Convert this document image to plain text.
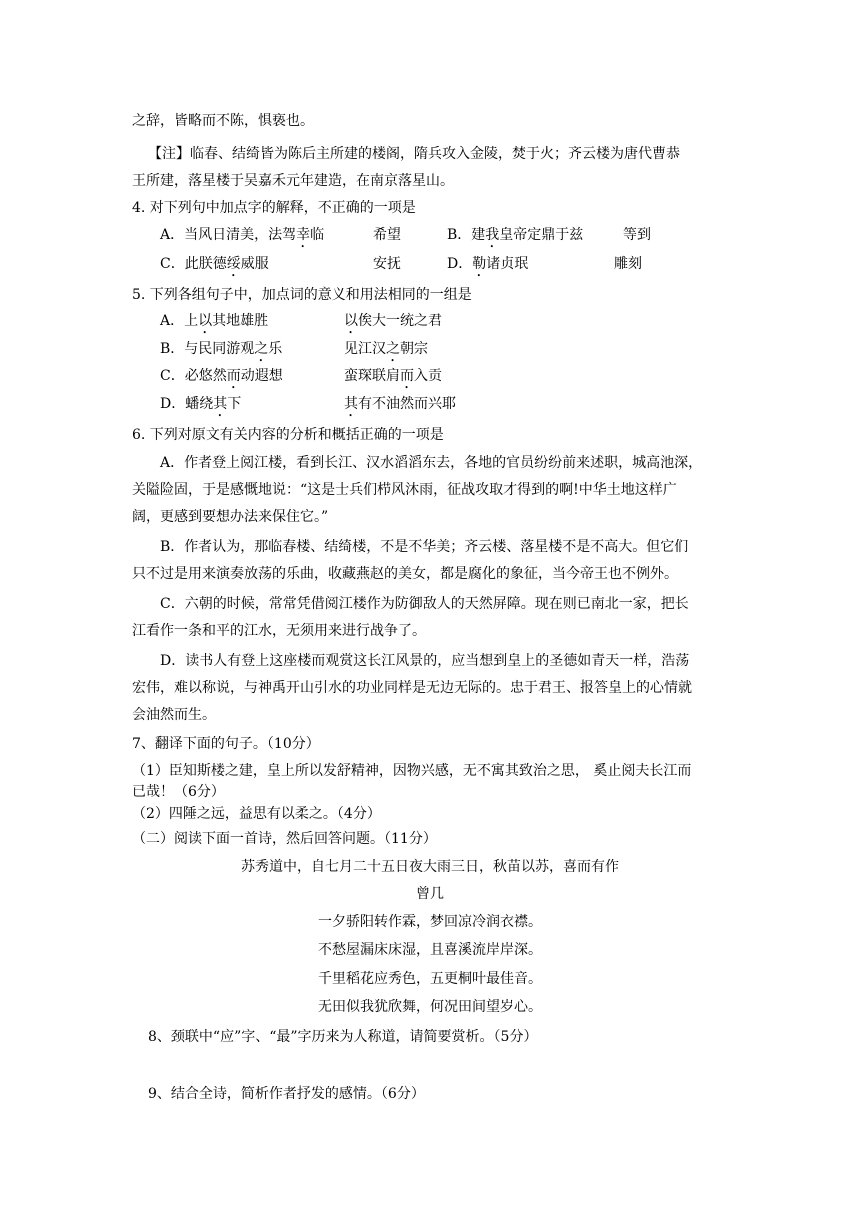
之辞，皆略而不陈，惧亵也。
【注】临春、结绮皆为陈后主所建的楼阁，隋兵攻入金陵，焚于火；齐云楼为唐代曹恭
王所建，落星楼于吴嘉禾元年建造，在南京落星山。
4. 对下列句中加点字的解释，不正确的一项是
A．当风日清美，法驾幸临	希望	B．建我皇帝定鼎于兹	等到
C．此朕德绥威服	安抚	D．勒诸贞珉	雕刻
5. 下列各组句子中，加点词的意义和用法相同的一组是
A．上以其地雄胜	以俟大一统之君
B．与民同游观之乐	见江汉之朝宗
C．必悠然而动遐想	蛮琛联肩而入贡
D．蟠绕其下	其有不油然而兴耶
6. 下列对原文有关内容的分析和概括正确的一项是
A．作者登上阅江楼，看到长江、汉水滔滔东去，各地的官员纷纷前来述职，城高池深，
关隘险固，于是感慨地说：“这是士兵们栉风沐雨，征战攻取才得到的啊!中华土地这样广
阔，更感到要想办法来保住它。”
B．作者认为，那临春楼、结绮楼，不是不华美；齐云楼、落星楼不是不高大。但它们
只不过是用来演奏放荡的乐曲，收藏燕赵的美女，都是腐化的象征，当今帝王也不例外。
C．六朝的时候，常常凭借阅江楼作为防御敌人的天然屏障。现在则已南北一家，把长
江看作一条和平的江水，无须用来进行战争了。
D．读书人有登上这座楼而观赏这长江风景的，应当想到皇上的圣德如青天一样，浩荡
宏伟，难以称说，与神禹开山引水的功业同样是无边无际的。忠于君王、报答皇上的心情就
会油然而生。
7、翻译下面的句子。（10分）
（1）臣知斯楼之建，皇上所以发舒精神，因物兴感，无不寓其致治之思， 奚止阅夫长江而
已哉！（6分）
（2）四陲之远，益思有以柔之。（4分）
（二）阅读下面一首诗，然后回答问题。（11分）
苏秀道中，自七月二十五日夜大雨三日，秋苗以苏，喜而有作
曾几
一夕骄阳转作霖，梦回凉冷润衣襟。
不愁屋漏床床湿，且喜溪流岸岸深。
千里稻花应秀色，五更桐叶最佳音。
无田似我犹欣舞，何况田间望岁心。
8、颈联中“应”字、“最”字历来为人称道，请简要赏析。（5分）
9、结合全诗，简析作者抒发的感情。（6分）
